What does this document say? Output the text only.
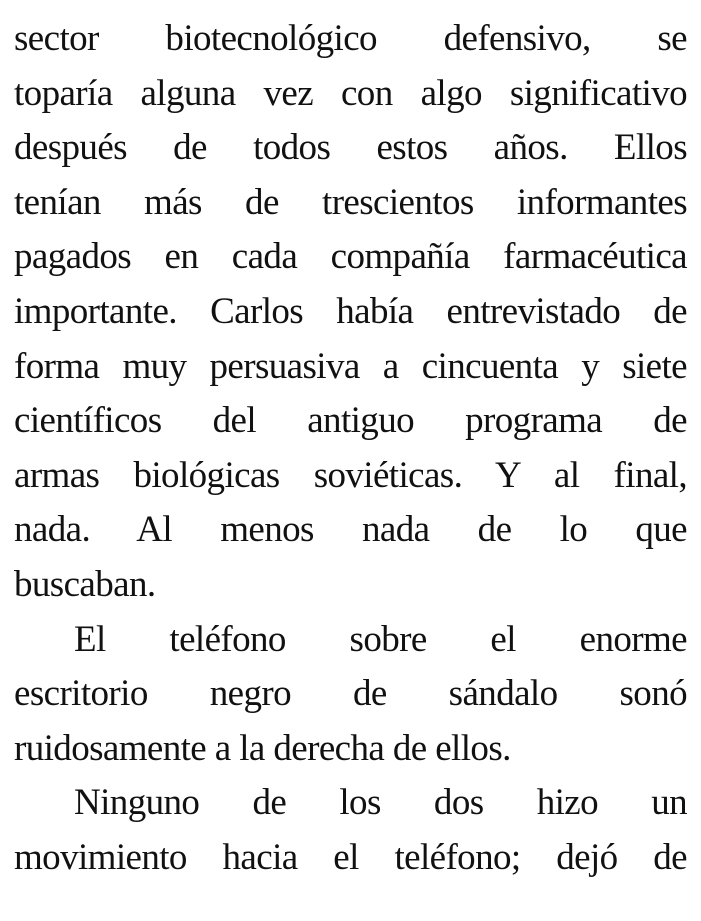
sector biotecnológico defensivo, se
toparía alguna vez con algo significativo
después de todos estos años. Ellos
tenían más de trescientos informantes
pagados en cada compañía farmacéutica
importante. Carlos había entrevistado de
forma muy persuasiva a cincuenta y siete
científicos del antiguo programa de
armas biológicas soviéticas. Y al final,
nada. Al menos nada de lo que
buscaban.
El teléfono sobre el enorme
escritorio negro de sándalo sonó
ruidosamente a la derecha de ellos.
Ninguno de los dos hizo un
movimiento hacia el teléfono; dejó de
